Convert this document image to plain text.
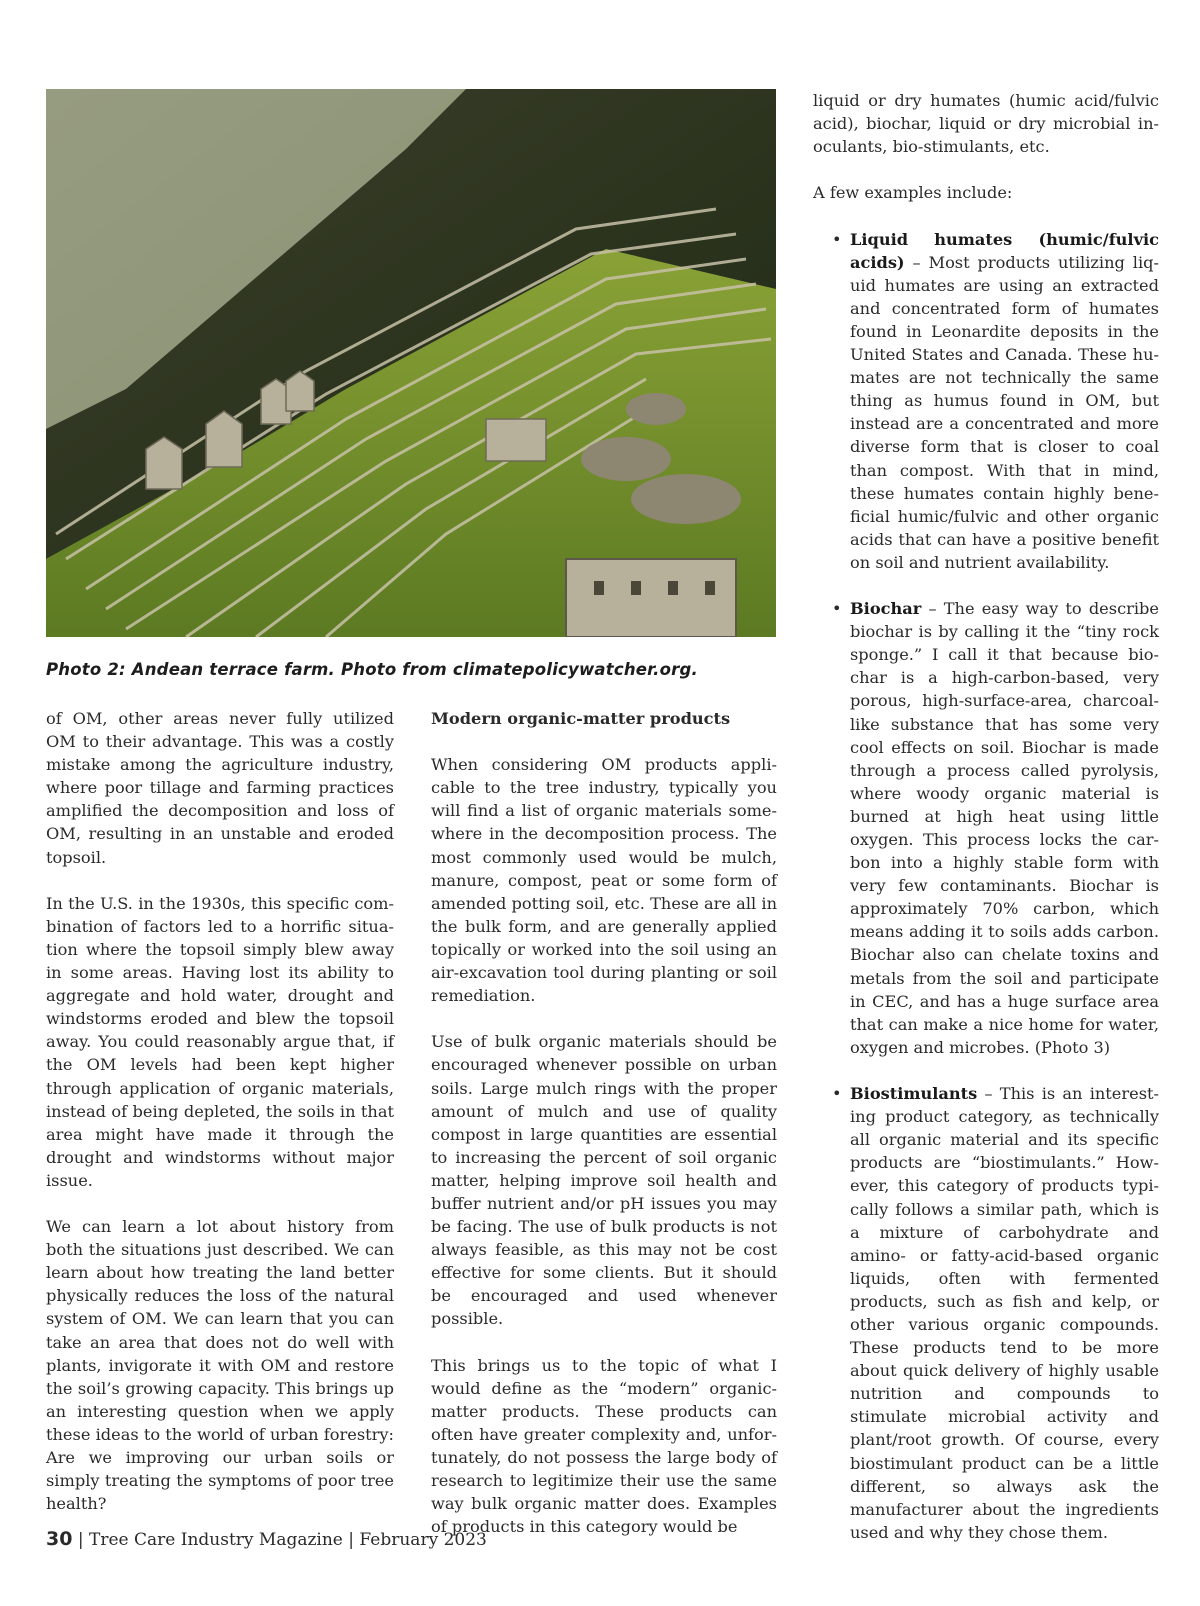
Photo 2: Andean terrace farm. Photo from climatepolicywatcher.org.

of OM, other areas never fully utilized OM to their advantage. This was a costly mistake among the agriculture industry, where poor tillage and farming practices amplified the decomposition and loss of OM, resulting in an unstable and eroded topsoil.

In the U.S. in the 1930s, this specific combination of factors led to a horrific situation where the topsoil simply blew away in some areas. Having lost its ability to aggregate and hold water, drought and windstorms eroded and blew the topsoil away. You could reasonably argue that, if the OM levels had been kept higher through application of organic materials, instead of being depleted, the soils in that area might have made it through the drought and windstorms without major issue.

We can learn a lot about history from both the situations just described. We can learn about how treating the land better physically reduces the loss of the natural system of OM. We can learn that you can take an area that does not do well with plants, invigorate it with OM and restore the soil’s growing capacity. This brings up an interesting question when we apply these ideas to the world of urban forestry: Are we improving our urban soils or simply treating the symptoms of poor tree health?

Modern organic-matter products

When considering OM products applicable to the tree industry, typically you will find a list of organic materials somewhere in the decomposition process. The most commonly used would be mulch, manure, compost, peat or some form of amended potting soil, etc. These are all in the bulk form, and are generally applied topically or worked into the soil using an air-excavation tool during planting or soil remediation.

Use of bulk organic materials should be encouraged whenever possible on urban soils. Large mulch rings with the proper amount of mulch and use of quality compost in large quantities are essential to increasing the percent of soil organic matter, helping improve soil health and buffer nutrient and/or pH issues you may be facing. The use of bulk products is not always feasible, as this may not be cost effective for some clients. But it should be encouraged and used whenever possible.

This brings us to the topic of what I would define as the “modern” organic-matter products. These products can often have greater complexity and, unfortunately, do not possess the large body of research to legitimize their use the same way bulk organic matter does. Examples of products in this category would be

liquid or dry humates (humic acid/fulvic acid), biochar, liquid or dry microbial inoculants, bio-stimulants, etc.

A few examples include:

• Liquid humates (humic/fulvic acids) – Most products utilizing liquid humates are using an extracted and concentrated form of humates found in Leonardite deposits in the United States and Canada. These humates are not technically the same thing as humus found in OM, but instead are a concentrated and more diverse form that is closer to coal than compost. With that in mind, these humates contain highly beneficial humic/fulvic and other organic acids that can have a positive benefit on soil and nutrient availability.
• Biochar – The easy way to describe biochar is by calling it the “tiny rock sponge.” I call it that because biochar is a high-carbon-based, very porous, high-surface-area, charcoal-like substance that has some very cool effects on soil. Biochar is made through a process called pyrolysis, where woody organic material is burned at high heat using little oxygen. This process locks the carbon into a highly stable form with very few contaminants. Biochar is approximately 70% carbon, which means adding it to soils adds carbon. Biochar also can chelate toxins and metals from the soil and participate in CEC, and has a huge surface area that can make a nice home for water, oxygen and microbes. (Photo 3)
• Biostimulants – This is an interesting product category, as technically all organic material and its specific products are “biostimulants.” However, this category of products typically follows a similar path, which is a mixture of carbohydrate and amino- or fatty-acid-based organic liquids, often with fermented products, such as fish and kelp, or other various organic compounds. These products tend to be more about quick delivery of highly usable nutrition and compounds to stimulate microbial activity and plant/root growth. Of course, every biostimulant product can be a little different, so always ask the manufacturer about the ingredients used and why they chose them.
30 | Tree Care Industry Magazine | February 2023
